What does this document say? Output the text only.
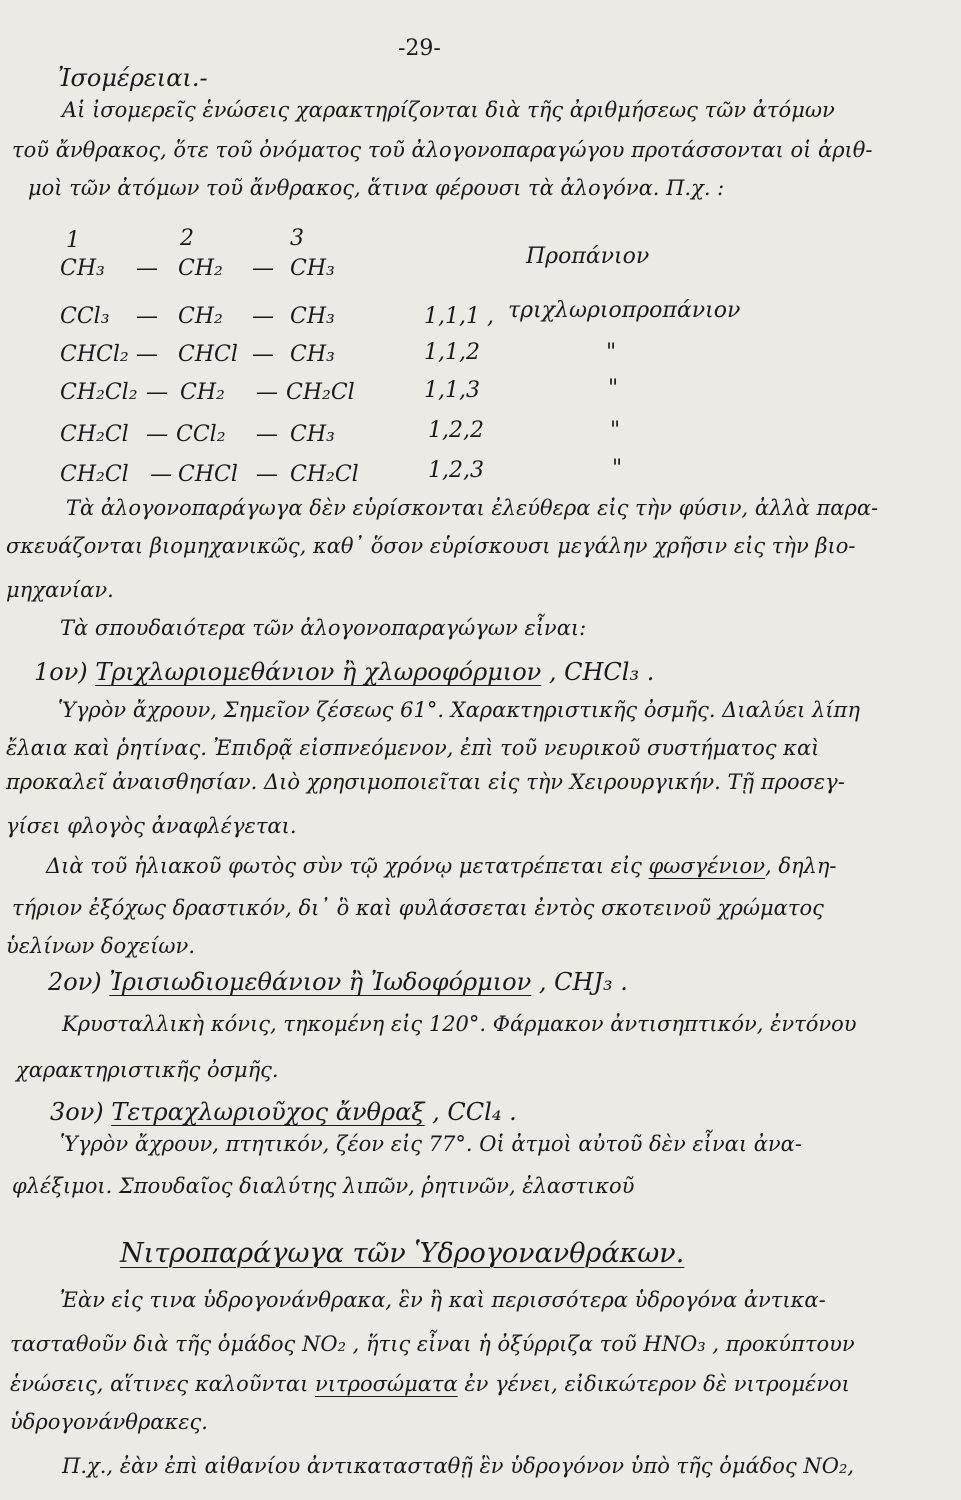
-29-
Ἰσομέρειαι.-
Αἱ ἰσομερεῖς ἑνώσεις χαρακτηρίζονται διὰ τῆς ἀριθμήσεως τῶν ἀτόμων
τοῦ ἄνθρακος, ὅτε τοῦ ὀνόματος τοῦ ἀλογονοπαραγώγου προτάσσονται οἱ ἀριθ-
μοὶ τῶν ἀτόμων τοῦ ἄνθρακος, ἅτινα φέρουσι τὰ ἀλογόνα. Π.χ. :
1	2	3
CH₃ — CH₂ — CH₃	Προπάνιον
CCl₃ — CH₂ — CH₃	1,1,1 , τριχλωριοπροπάνιον
CHCl₂ — CHCl — CH₃	1,1,2	"
CH₂Cl₂ — CH₂ — CH₂Cl	1,1,3	"
CH₂Cl — CCl₂ — CH₃	1,2,2	"
CH₂Cl — CHCl — CH₂Cl	1,2,3	"
Τὰ ἀλογονοπαράγωγα δὲν εὑρίσκονται ἐλεύθερα εἰς τὴν φύσιν, ἀλλὰ παρα-
σκευάζονται βιομηχανικῶς, καθ᾽ ὅσον εὑρίσκουσι μεγάλην χρῆσιν εἰς τὴν βιο-
μηχανίαν.
Τὰ σπουδαιότερα τῶν ἀλογονοπαραγώγων εἶναι:
1ον) Τριχλωριομεθάνιον ἢ χλωροφόρμιον , CHCl₃ .
Ὑγρὸν ἄχρουν, Σημεῖον ζέσεως 61°. Χαρακτηριστικῆς ὀσμῆς. Διαλύει λίπη
ἔλαια καὶ ῥητίνας. Ἐπιδρᾷ εἰσπνεόμενον, ἐπὶ τοῦ νευρικοῦ συστήματος καὶ
προκαλεῖ ἀναισθησίαν. Διὸ χρησιμοποιεῖται εἰς τὴν Χειρουργικήν. Τῇ προσεγ-
γίσει φλογὸς ἀναφλέγεται.
Διὰ τοῦ ἡλιακοῦ φωτὸς σὺν τῷ χρόνῳ μετατρέπεται εἰς φωσγένιον, δηλη-
τήριον ἐξόχως δραστικόν, δι᾽ ὃ καὶ φυλάσσεται ἐντὸς σκοτεινοῦ χρώματος
ὑελίνων δοχείων.
2ον) Ἰρισιωδιομεθάνιον ἢ Ἰωδοφόρμιον , CHJ₃ .
Κρυσταλλικὴ κόνις, τηκομένη εἰς 120°. Φάρμακον ἀντισηπτικόν, ἐντόνου
χαρακτηριστικῆς ὀσμῆς.
3ον) Τετραχλωριοῦχος ἄνθραξ , CCl₄ .
Ὑγρὸν ἄχρουν, πτητικόν, ζέον εἰς 77°. Οἱ ἀτμοὶ αὐτοῦ δὲν εἶναι ἀνα-
φλέξιμοι. Σπουδαῖος διαλύτης λιπῶν, ῥητινῶν, ἐλαστικοῦ
Νιτροπαράγωγα τῶν Ὑδρογονανθράκων.
Ἐὰν εἰς τινα ὑδρογονάνθρακα, ἓν ἢ καὶ περισσότερα ὑδρογόνα ἀντικα-
τασταθοῦν διὰ τῆς ὁμάδος NO₂ , ἥτις εἶναι ἡ ὀξύρριζα τοῦ HNO₃ , προκύπτουν
ἑνώσεις, αἵτινες καλοῦνται νιτροσώματα ἐν γένει, εἰδικώτερον δὲ νιτρομένοι
ὑδρογονάνθρακες.
Π.χ., ἐὰν ἐπὶ αἰθανίου ἀντικατασταθῇ ἓν ὑδρογόνον ὑπὸ τῆς ὁμάδος NO₂,
